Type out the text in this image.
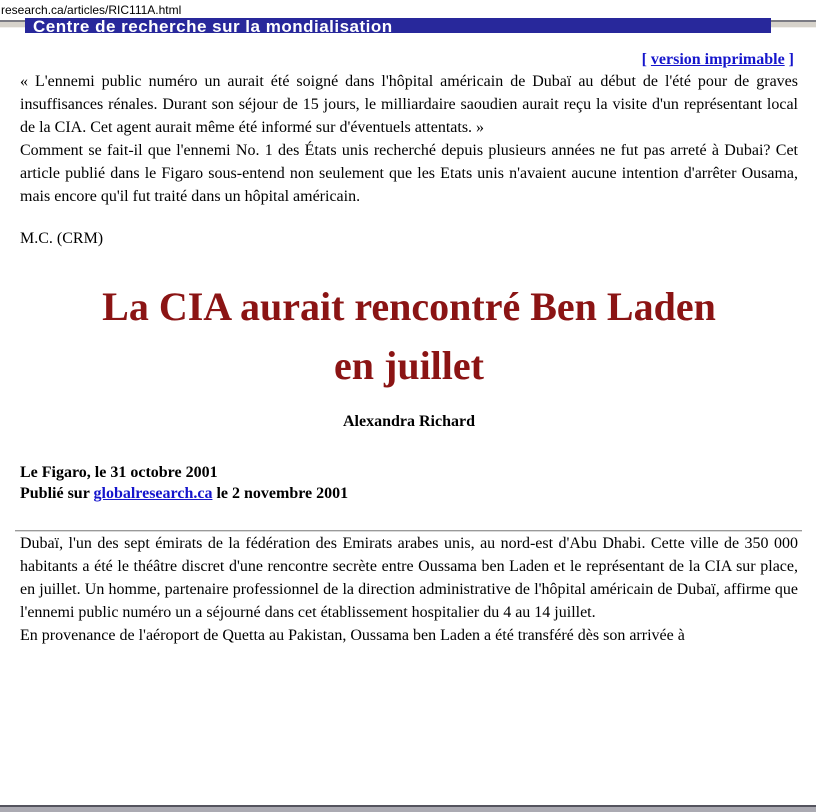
research.ca/articles/RIC111A.html
Centre de recherche sur la mondialisation
[ version imprimable ]

« L'ennemi public numéro un aurait été soigné dans l'hôpital américain de Dubaï au début de l'été pour de graves insuffisances rénales. Durant son séjour de 15 jours, le milliardaire saoudien aurait reçu la visite d'un représentant local de la CIA. Cet agent aurait même été informé sur d'éventuels attentats. »

Comment se fait-il que l'ennemi No. 1 des États unis recherché depuis plusieurs années ne fut pas arreté à Dubai? Cet article publié dans le Figaro sous-entend non seulement que les Etats unis n'avaient aucune intention d'arrêter Ousama, mais encore qu'il fut traité dans un hôpital américain.

M.C. (CRM)

La CIA aurait rencontré Ben Laden
en juillet

Alexandra Richard

Le Figaro, le 31 octobre 2001
Publié sur globalresearch.ca le 2 novembre 2001

Dubaï, l'un des sept émirats de la fédération des Emirats arabes unis, au nord-est d'Abu Dhabi. Cette ville de 350 000 habitants a été le théâtre discret d'une rencontre secrète entre Oussama ben Laden et le représentant de la CIA sur place, en juillet. Un homme, partenaire professionnel de la direction administrative de l'hôpital américain de Dubaï, affirme que l'ennemi public numéro un a séjourné dans cet établissement hospitalier du 4 au 14 juillet.

En provenance de l'aéroport de Quetta au Pakistan, Oussama ben Laden a été transféré dès son arrivée à
